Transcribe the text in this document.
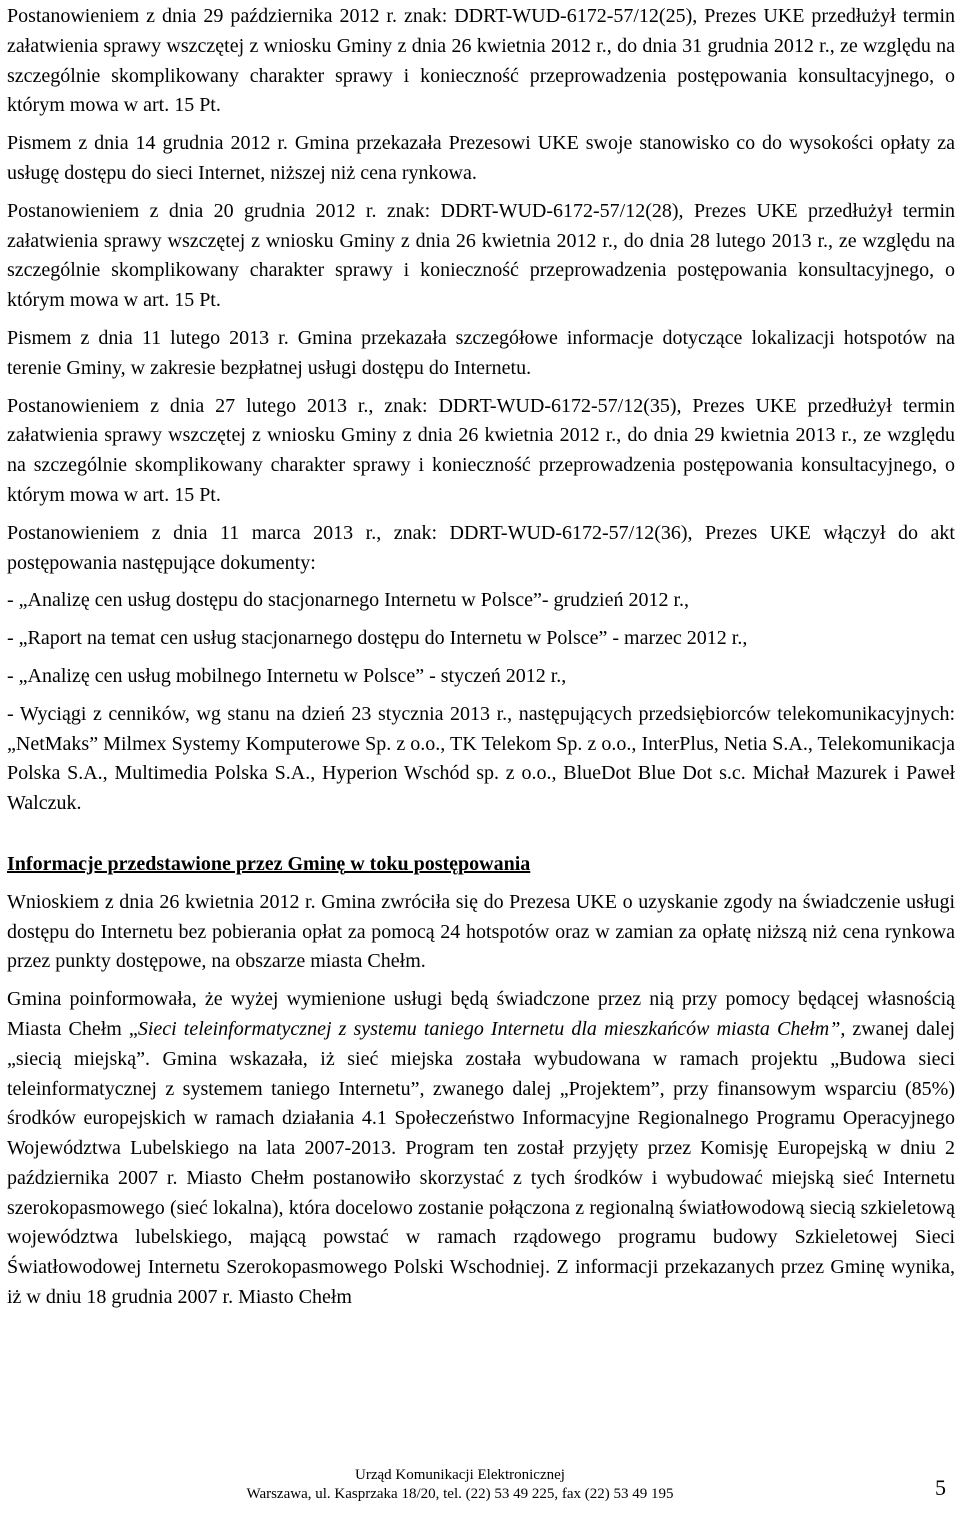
Postanowieniem z dnia 29 października 2012 r. znak: DDRT-WUD-6172-57/12(25), Prezes UKE przedłużył termin załatwienia sprawy wszczętej z wniosku Gminy z dnia 26 kwietnia 2012 r., do dnia 31 grudnia 2012 r., ze względu na szczególnie skomplikowany charakter sprawy i konieczność przeprowadzenia postępowania konsultacyjnego, o którym mowa w art. 15 Pt.

Pismem z dnia 14 grudnia 2012 r. Gmina przekazała Prezesowi UKE swoje stanowisko co do wysokości opłaty za usługę dostępu do sieci Internet, niższej niż cena rynkowa.

Postanowieniem z dnia 20 grudnia 2012 r. znak: DDRT-WUD-6172-57/12(28), Prezes UKE przedłużył termin załatwienia sprawy wszczętej z wniosku Gminy z dnia 26 kwietnia 2012 r., do dnia 28 lutego 2013 r., ze względu na szczególnie skomplikowany charakter sprawy i konieczność przeprowadzenia postępowania konsultacyjnego, o którym mowa w art. 15 Pt.

Pismem z dnia 11 lutego 2013 r. Gmina przekazała szczegółowe informacje dotyczące lokalizacji hotspotów na terenie Gminy, w zakresie bezpłatnej usługi dostępu do Internetu.

Postanowieniem z dnia 27 lutego 2013 r., znak: DDRT-WUD-6172-57/12(35), Prezes UKE przedłużył termin załatwienia sprawy wszczętej z wniosku Gminy z dnia 26 kwietnia 2012 r., do dnia 29 kwietnia 2013 r., ze względu na szczególnie skomplikowany charakter sprawy i konieczność przeprowadzenia postępowania konsultacyjnego, o którym mowa w art. 15 Pt.

Postanowieniem z dnia 11 marca 2013 r., znak: DDRT-WUD-6172-57/12(36), Prezes UKE włączył do akt postępowania następujące dokumenty:

- „Analizę cen usług dostępu do stacjonarnego Internetu w Polsce”- grudzień 2012 r.,

- „Raport na temat cen usług stacjonarnego dostępu do Internetu w Polsce” - marzec 2012 r.,

- „Analizę cen usług mobilnego Internetu w Polsce” - styczeń 2012 r.,

- Wyciągi z cenników, wg stanu na dzień 23 stycznia 2013 r., następujących przedsiębiorców telekomunikacyjnych: „NetMaks” Milmex Systemy Komputerowe Sp. z o.o., TK Telekom Sp. z o.o., InterPlus, Netia S.A., Telekomunikacja Polska S.A., Multimedia Polska S.A., Hyperion Wschód sp. z o.o., BlueDot Blue Dot s.c. Michał Mazurek i Paweł Walczuk.

Informacje przedstawione przez Gminę w toku postępowania

Wnioskiem z dnia 26 kwietnia 2012 r. Gmina zwróciła się do Prezesa UKE o uzyskanie zgody na świadczenie usługi dostępu do Internetu bez pobierania opłat za pomocą 24 hotspotów oraz w zamian za opłatę niższą niż cena rynkowa przez punkty dostępowe, na obszarze miasta Chełm.

Gmina poinformowała, że wyżej wymienione usługi będą świadczone przez nią przy pomocy będącej własnością Miasta Chełm „Sieci teleinformatycznej z systemu taniego Internetu dla mieszkańców miasta Chełm”, zwanej dalej „siecią miejską”. Gmina wskazała, iż sieć miejska została wybudowana w ramach projektu „Budowa sieci teleinformatycznej z systemem taniego Internetu”, zwanego dalej „Projektem”, przy finansowym wsparciu (85%) środków europejskich w ramach działania 4.1 Społeczeństwo Informacyjne Regionalnego Programu Operacyjnego Województwa Lubelskiego na lata 2007-2013. Program ten został przyjęty przez Komisję Europejską w dniu 2 października 2007 r. Miasto Chełm postanowiło skorzystać z tych środków i wybudować miejską sieć Internetu szerokopasmowego (sieć lokalna), która docelowo zostanie połączona z regionalną światłowodową siecią szkieletową województwa lubelskiego, mającą powstać w ramach rządowego programu budowy Szkieletowej Sieci Światłowodowej Internetu Szerokopasmowego Polski Wschodniej. Z informacji przekazanych przez Gminę wynika, iż w dniu 18 grudnia 2007 r. Miasto Chełm

Urząd Komunikacji Elektronicznej
Warszawa, ul. Kasprzaka 18/20, tel. (22) 53 49 225, fax (22) 53 49 195	5
